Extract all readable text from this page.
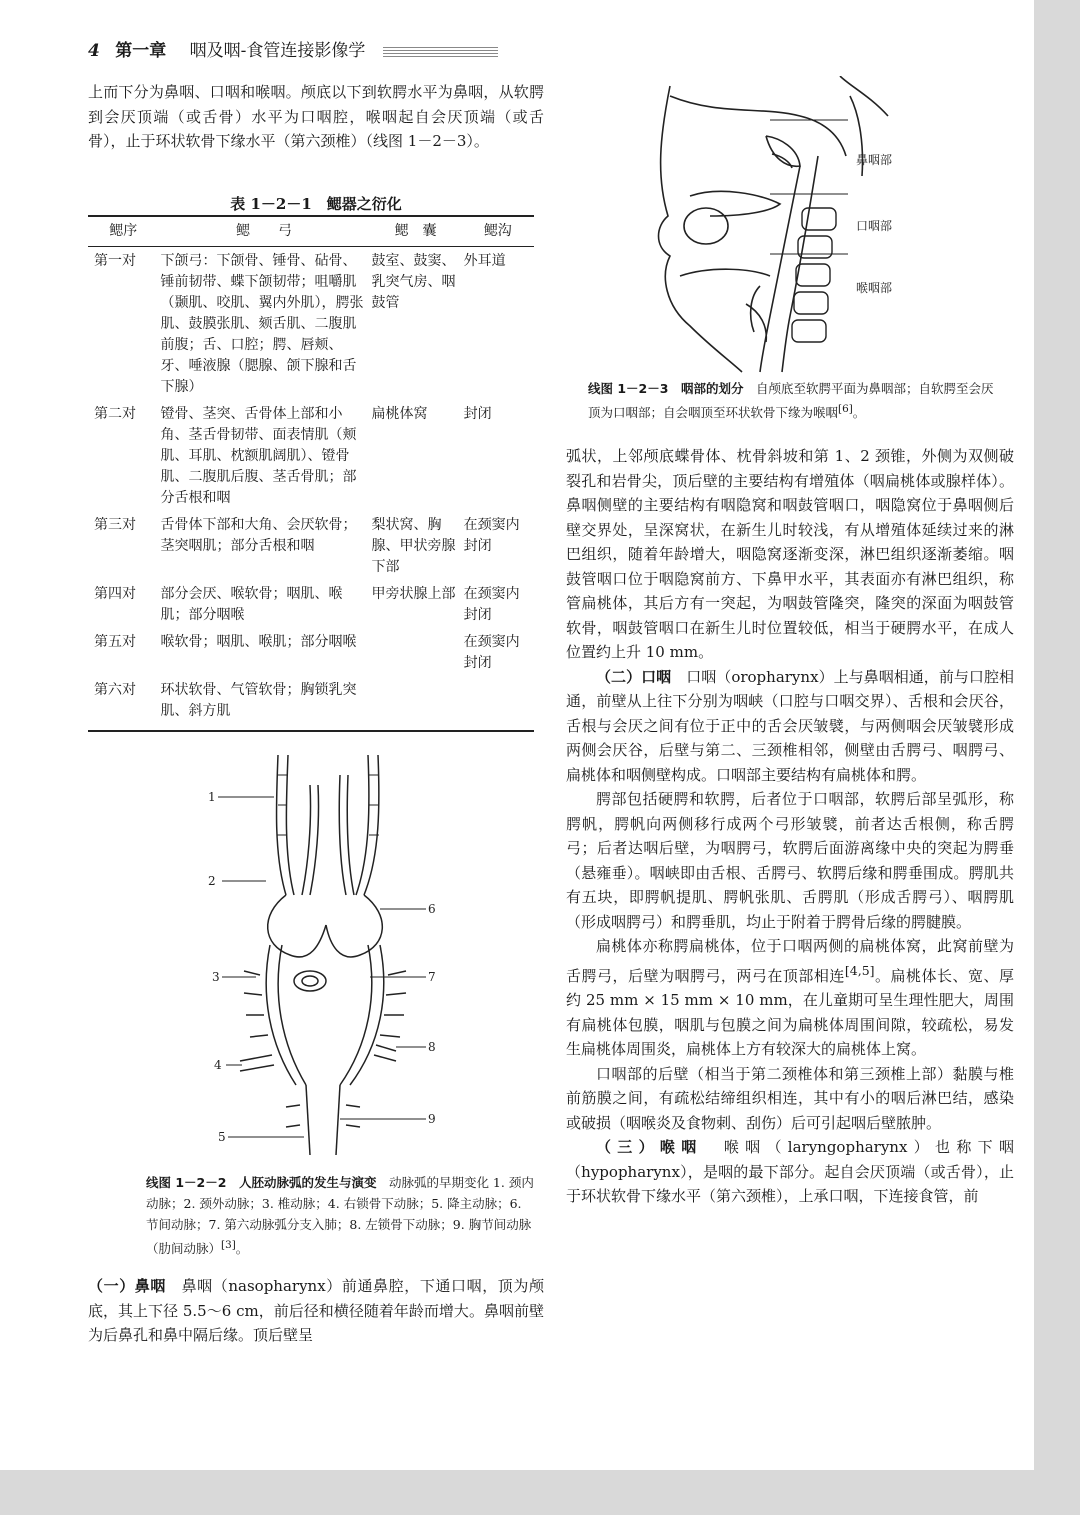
4 第一章 咽及咽-食管连接影像学

上而下分为鼻咽、口咽和喉咽。颅底以下到软腭水平为鼻咽，从软腭到会厌顶端（或舌骨）水平为口咽腔，喉咽起自会厌顶端（或舌骨），止于环状软骨下缘水平（第六颈椎）（线图 1－2－3）。

表 1－2－1　鳃器之衍化
鳃序	鳃　　弓	鳃　囊	鳃沟
第一对	下颌弓：下颌骨、锤骨、砧骨、锤前韧带、蝶下颌韧带；咀嚼肌（颞肌、咬肌、翼内外肌），腭张肌、鼓膜张肌、颏舌肌、二腹肌前腹；舌、口腔；腭、唇颊、牙、唾液腺（腮腺、颌下腺和舌下腺）	鼓室、鼓窦、乳突气房、咽鼓管	外耳道
第二对	镫骨、茎突、舌骨体上部和小角、茎舌骨韧带、面表情肌（颊肌、耳肌、枕额肌阔肌）、镫骨肌、二腹肌后腹、茎舌骨肌；部分舌根和咽	扁桃体窝	封闭
第三对	舌骨体下部和大角、会厌软骨；茎突咽肌；部分舌根和咽	梨状窝、胸腺、甲状旁腺下部	在颈窦内封闭
第四对	部分会厌、喉软骨；咽肌、喉肌；部分咽喉	甲旁状腺上部	在颈窦内封闭
第五对	喉软骨；咽肌、喉肌；部分咽喉		在颈窦内封闭
第六对	环状软骨、气管软骨；胸锁乳突肌、斜方肌		
1
2
3
4
5
6
7
8
9
线图 1－2－2　人胚动脉弧的发生与演变　动脉弧的早期变化 1. 颈内动脉；2. 颈外动脉；3. 椎动脉；4. 右锁骨下动脉；5. 降主动脉；6. 节间动脉；7. 第六动脉弧分支入肺；8. 左锁骨下动脉；9. 胸节间动脉（肋间动脉）[3]。

（一）鼻咽　鼻咽（nasopharynx）前通鼻腔，下通口咽，顶为颅底，其上下径 5.5～6 cm，前后径和横径随着年龄而增大。鼻咽前壁为后鼻孔和鼻中隔后缘。顶后壁呈

鼻咽部
口咽部
喉咽部
线图 1－2－3　咽部的划分　自颅底至软腭平面为鼻咽部；自软腭至会厌顶为口咽部；自会咽顶至环状软骨下缘为喉咽[6]。

弧状，上邻颅底蝶骨体、枕骨斜坡和第 1、2 颈锥，外侧为双侧破裂孔和岩骨尖，顶后壁的主要结构有增殖体（咽扁桃体或腺样体）。鼻咽侧壁的主要结构有咽隐窝和咽鼓管咽口，咽隐窝位于鼻咽侧后壁交界处，呈深窝状，在新生儿时较浅，有从增殖体延续过来的淋巴组织，随着年龄增大，咽隐窝逐渐变深，淋巴组织逐渐萎缩。咽鼓管咽口位于咽隐窝前方、下鼻甲水平，其表面亦有淋巴组织，称管扁桃体，其后方有一突起，为咽鼓管隆突，隆突的深面为咽鼓管软骨，咽鼓管咽口在新生儿时位置较低，相当于硬腭水平，在成人位置约上升 10 mm。

（二）口咽　口咽（oropharynx）上与鼻咽相通，前与口腔相通，前壁从上往下分别为咽峡（口腔与口咽交界）、舌根和会厌谷，舌根与会厌之间有位于正中的舌会厌皱襞，与两侧咽会厌皱襞形成两侧会厌谷，后壁与第二、三颈椎相邻，侧壁由舌腭弓、咽腭弓、扁桃体和咽侧壁构成。口咽部主要结构有扁桃体和腭。

腭部包括硬腭和软腭，后者位于口咽部，软腭后部呈弧形，称腭帆，腭帆向两侧移行成两个弓形皱襞，前者达舌根侧，称舌腭弓；后者达咽后壁，为咽腭弓，软腭后面游离缘中央的突起为腭垂（悬雍垂）。咽峡即由舌根、舌腭弓、软腭后缘和腭垂围成。腭肌共有五块，即腭帆提肌、腭帆张肌、舌腭肌（形成舌腭弓）、咽腭肌（形成咽腭弓）和腭垂肌，均止于附着于腭骨后缘的腭腱膜。

扁桃体亦称腭扁桃体，位于口咽两侧的扁桃体窝，此窝前壁为舌腭弓，后壁为咽腭弓，两弓在顶部相连[4,5]。扁桃体长、宽、厚约 25 mm × 15 mm × 10 mm，在儿童期可呈生理性肥大，周围有扁桃体包膜，咽肌与包膜之间为扁桃体周围间隙，较疏松，易发生扁桃体周围炎，扁桃体上方有较深大的扁桃体上窝。

口咽部的后壁（相当于第二颈椎体和第三颈椎上部）黏膜与椎前筋膜之间，有疏松结缔组织相连，其中有小的咽后淋巴结，感染或破损（咽喉炎及食物刺、刮伤）后可引起咽后壁脓肿。

（三）喉咽　喉咽（laryngopharynx）也称下咽（hypopharynx），是咽的最下部分。起自会厌顶端（或舌骨），止于环状软骨下缘水平（第六颈椎），上承口咽，下连接食管，前
